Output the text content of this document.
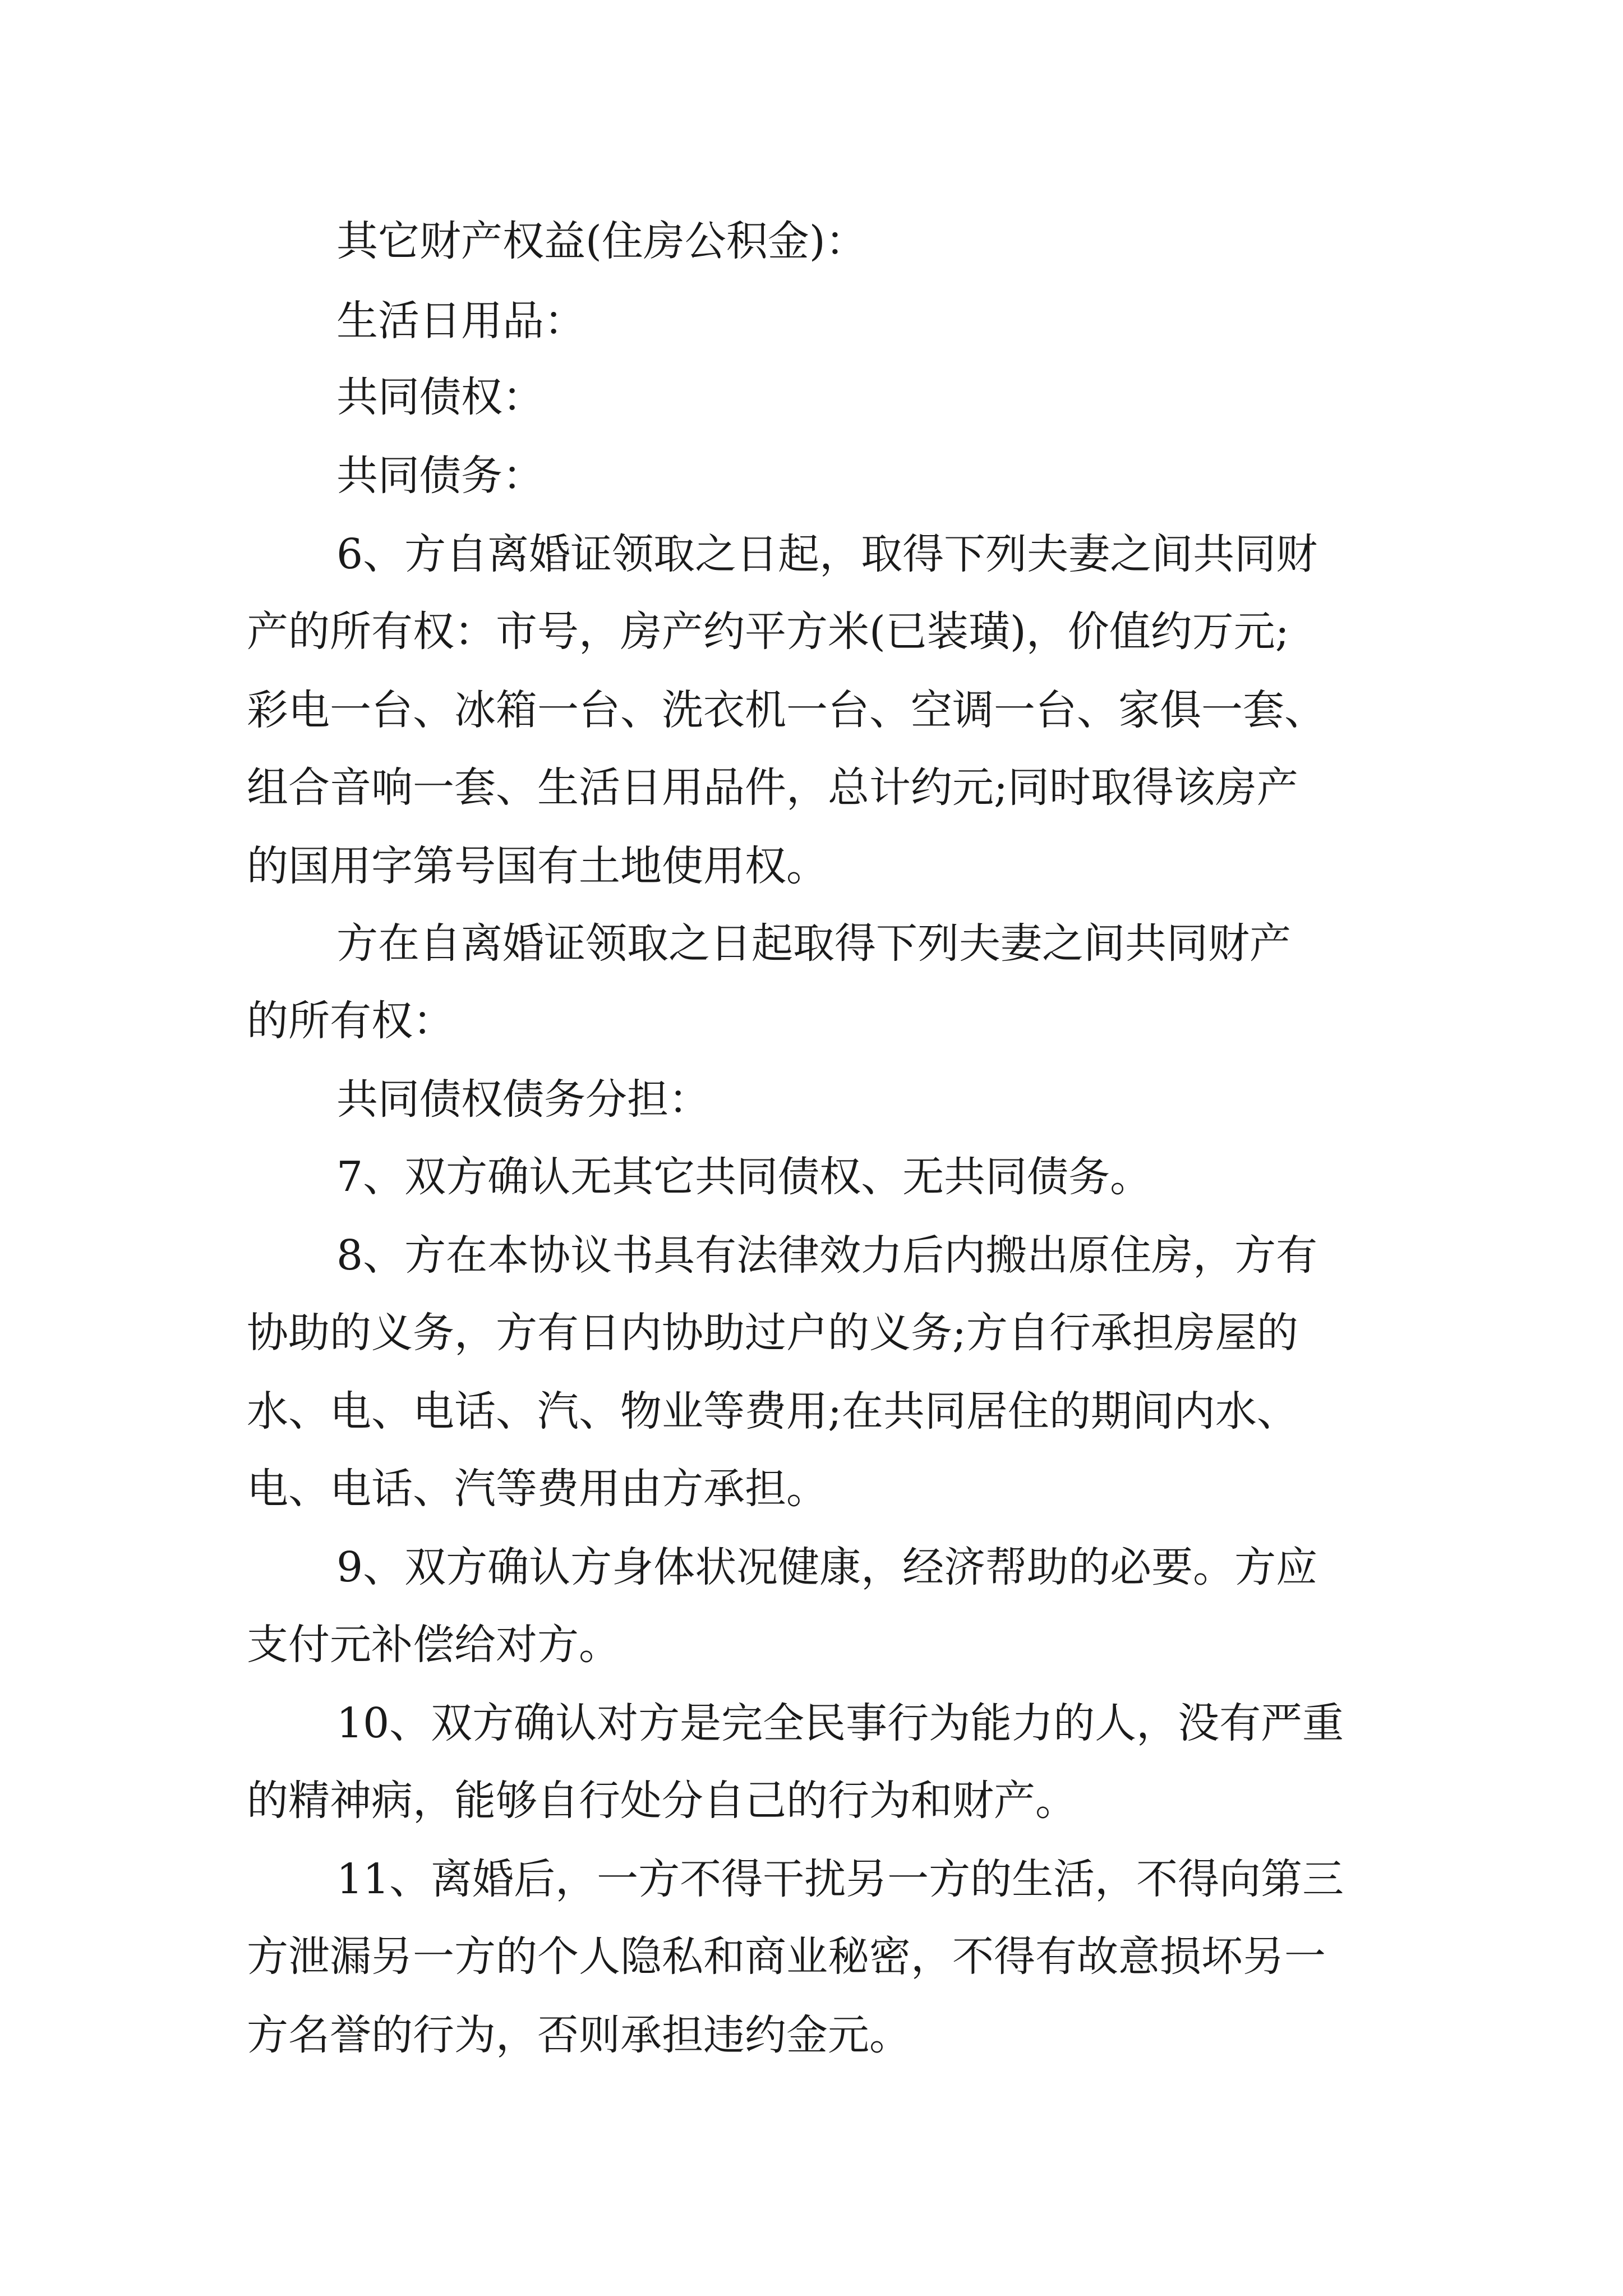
其它财产权益(住房公积金)：
生活日用品：
共同债权：
共同债务：
6、方自离婚证领取之日起，取得下列夫妻之间共同财
产的所有权：市号，房产约平方米(已装璜)，价值约万元;
彩电一台、冰箱一台、洗衣机一台、空调一台、家俱一套、
组合音响一套、生活日用品件，总计约元;同时取得该房产
的国用字第号国有土地使用权。
方在自离婚证领取之日起取得下列夫妻之间共同财产
的所有权：
共同债权债务分担：
7、双方确认无其它共同债权、无共同债务。
8、方在本协议书具有法律效力后内搬出原住房，方有
协助的义务，方有日内协助过户的义务;方自行承担房屋的
水、电、电话、汽、物业等费用;在共同居住的期间内水、
电、电话、汽等费用由方承担。
9、双方确认方身体状况健康，经济帮助的必要。方应
支付元补偿给对方。
10、双方确认对方是完全民事行为能力的人，没有严重
的精神病，能够自行处分自己的行为和财产。
11、离婚后，一方不得干扰另一方的生活，不得向第三
方泄漏另一方的个人隐私和商业秘密，不得有故意损坏另一
方名誉的行为，否则承担违约金元。
